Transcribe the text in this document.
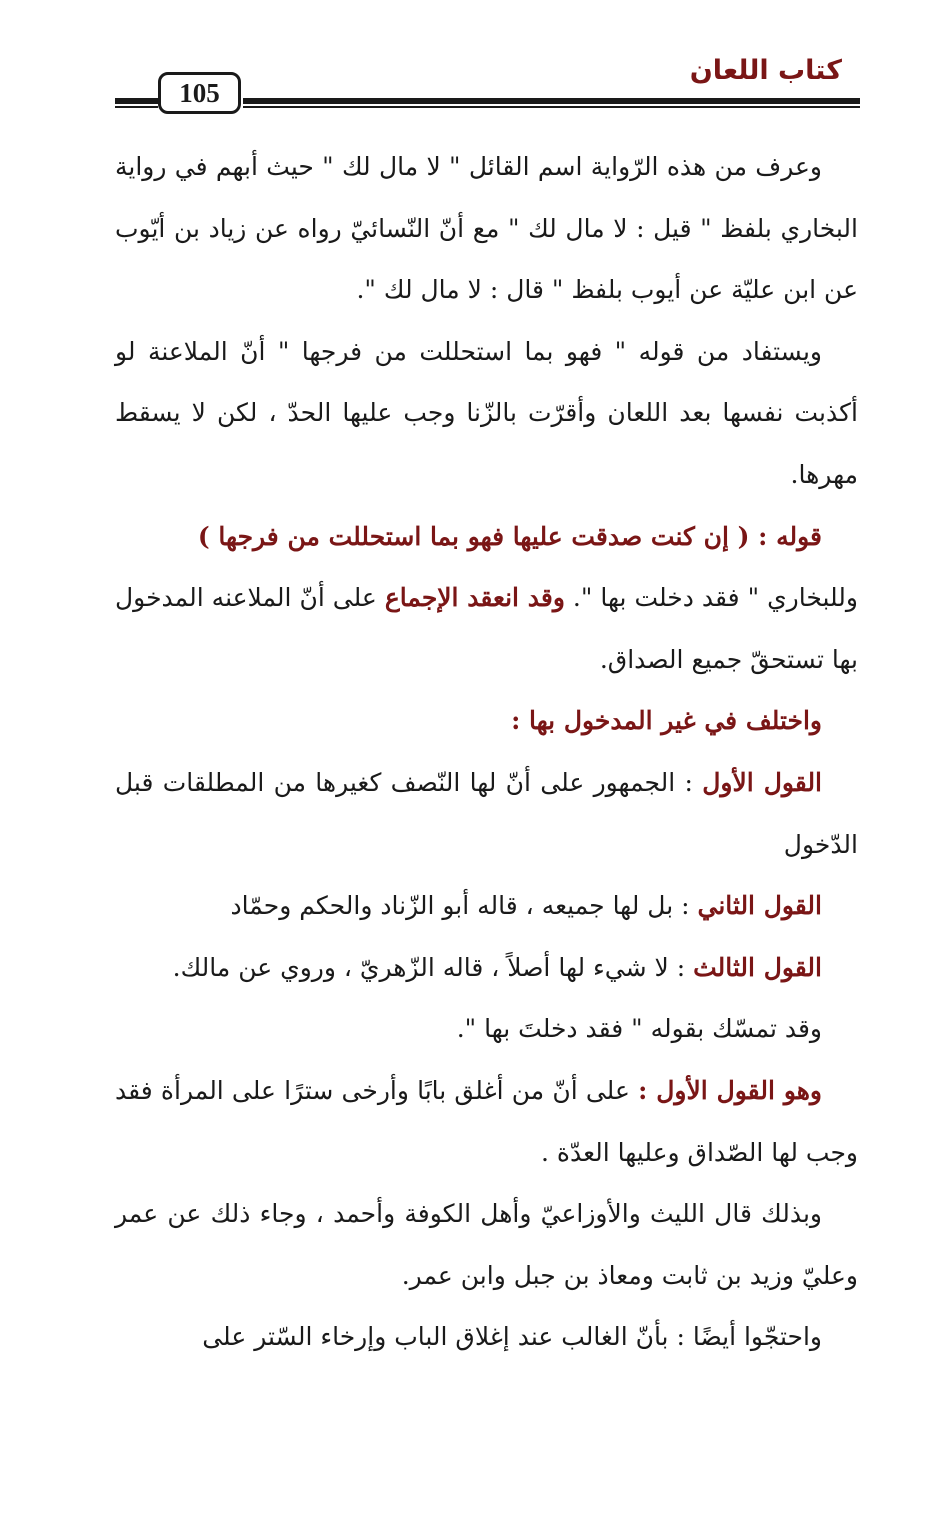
كتاب اللعان
105

وعرف من هذه الرّواية اسم القائل " لا مال لك " حيث أبهم في رواية البخاري بلفظ " قيل : لا مال لك " مع أنّ النّسائيّ رواه عن زياد بن أيّوب عن ابن عليّة عن أيوب بلفظ " قال : لا مال لك ".

ويستفاد من قوله " فهو بما استحللت من فرجها " أنّ الملاعنة لو أكذبت نفسها بعد اللعان وأقرّت بالزّنا وجب عليها الحدّ ، لكن لا يسقط مهرها.

قوله : ( إن كنت صدقت عليها فهو بما استحللت من فرجها )

وللبخاري " فقد دخلت بها ". وقد انعقد الإجماع على أنّ الملاعنه المدخول بها تستحقّ جميع الصداق.

واختلف في غير المدخول بها :

القول الأول : الجمهور على أنّ لها النّصف كغيرها من المطلقات قبل الدّخول

القول الثاني : بل لها جميعه ، قاله أبو الزّناد والحكم وحمّاد

القول الثالث : لا شيء لها أصلاً ، قاله الزّهريّ ، وروي عن مالك.

وقد تمسّك بقوله " فقد دخلتَ بها ".

وهو القول الأول : على أنّ من أغلق بابًا وأرخى سترًا على المرأة فقد وجب لها الصّداق وعليها العدّة .

وبذلك قال الليث والأوزاعيّ وأهل الكوفة وأحمد ، وجاء ذلك عن عمر وعليّ وزيد بن ثابت ومعاذ بن جبل وابن عمر.

واحتجّوا أيضًا : بأنّ الغالب عند إغلاق الباب وإرخاء السّتر على
